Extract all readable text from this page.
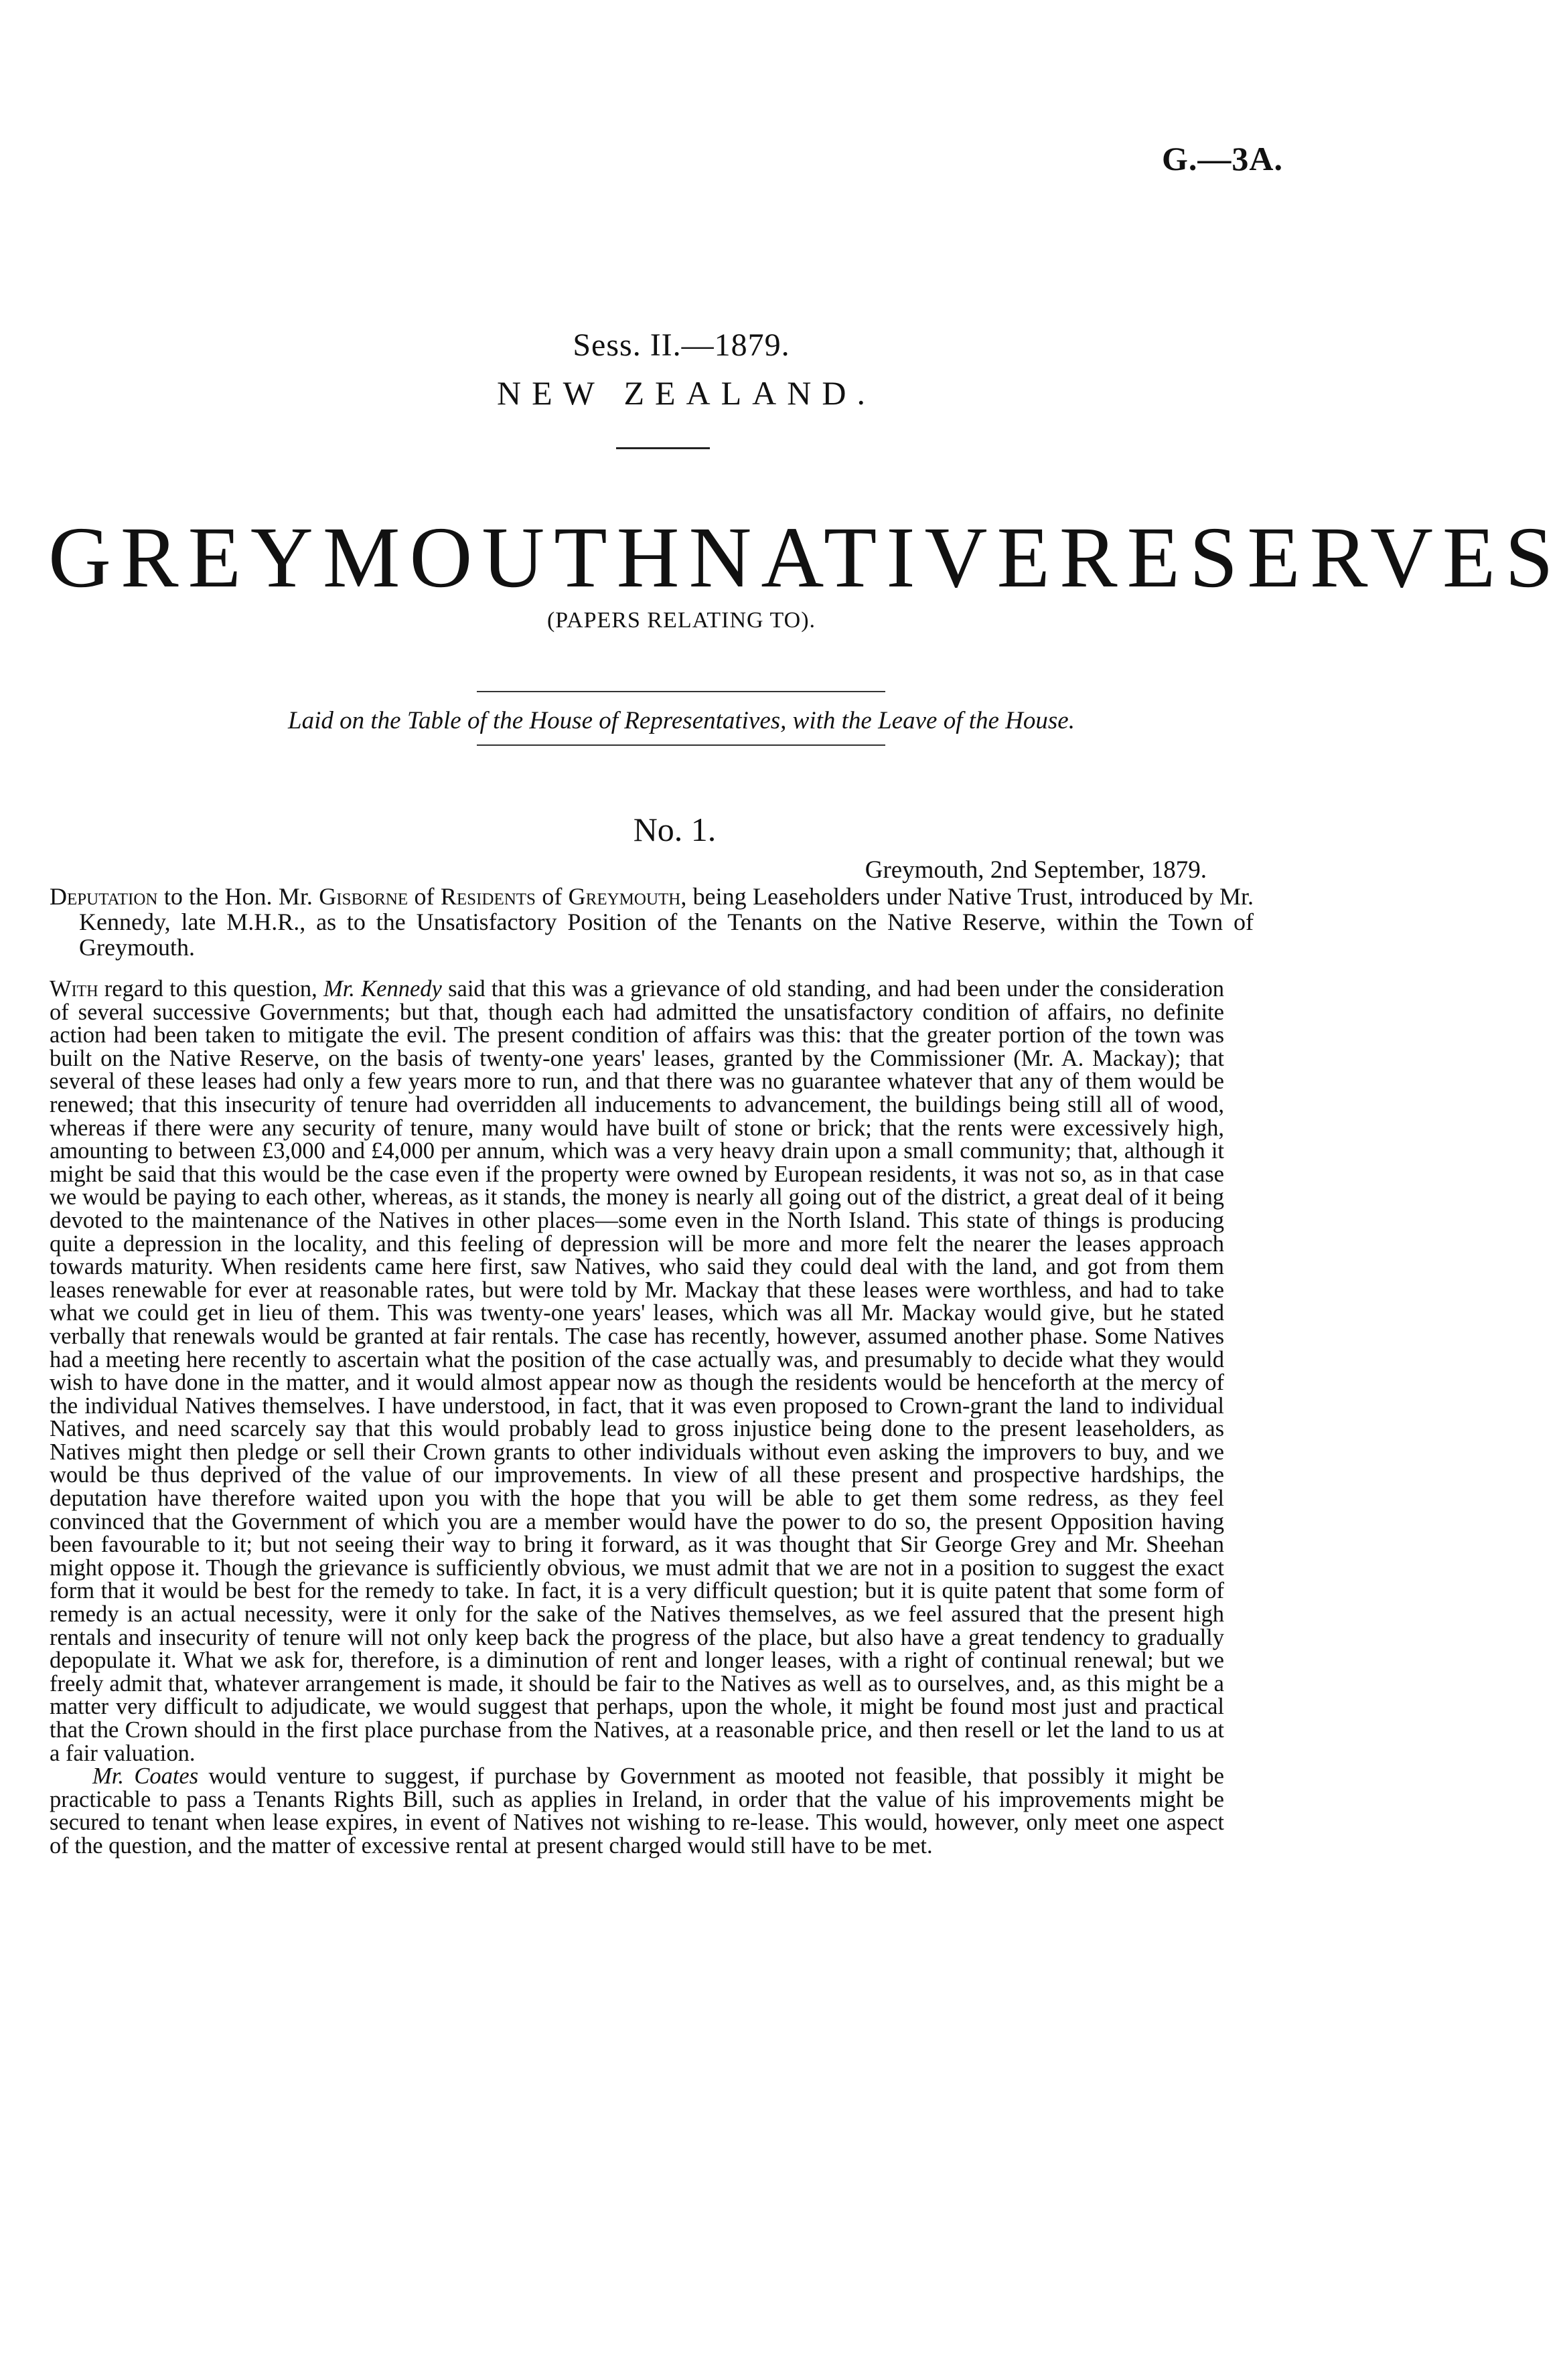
G.—3A.
Sess. II.—1879.
NEW ZEALAND.
GREYMOUTH NATIVE RESERVES
(PAPERS RELATING TO).
Laid on the Table of the House of Representatives, with the Leave of the House.
No. 1.
Greymouth, 2nd September, 1879.
Deputation to the Hon. Mr. Gisborne of Residents of Greymouth, being Leaseholders under Native Trust, introduced by Mr. Kennedy, late M.H.R., as to the Unsatisfactory Position of the Tenants on the Native Reserve, within the Town of Greymouth.

With regard to this question, Mr. Kennedy said that this was a grievance of old standing, and had been under the consideration of several successive Governments; but that, though each had admitted the unsatisfactory condition of affairs, no definite action had been taken to mitigate the evil. The present condition of affairs was this: that the greater portion of the town was built on the Native Reserve, on the basis of twenty-one years' leases, granted by the Commissioner (Mr. A. Mackay); that several of these leases had only a few years more to run, and that there was no guarantee whatever that any of them would be renewed; that this insecurity of tenure had overridden all inducements to advancement, the buildings being still all of wood, whereas if there were any security of tenure, many would have built of stone or brick; that the rents were excessively high, amounting to between £3,000 and £4,000 per annum, which was a very heavy drain upon a small community; that, although it might be said that this would be the case even if the property were owned by European residents, it was not so, as in that case we would be paying to each other, whereas, as it stands, the money is nearly all going out of the district, a great deal of it being devoted to the maintenance of the Natives in other places—some even in the North Island. This state of things is producing quite a depression in the locality, and this feeling of depression will be more and more felt the nearer the leases approach towards maturity. When residents came here first, saw Natives, who said they could deal with the land, and got from them leases renewable for ever at reasonable rates, but were told by Mr. Mackay that these leases were worthless, and had to take what we could get in lieu of them. This was twenty-one years' leases, which was all Mr. Mackay would give, but he stated verbally that renewals would be granted at fair rentals. The case has recently, however, assumed another phase. Some Natives had a meeting here recently to ascertain what the position of the case actually was, and presumably to decide what they would wish to have done in the matter, and it would almost appear now as though the residents would be henceforth at the mercy of the individual Natives themselves. I have understood, in fact, that it was even proposed to Crown-grant the land to individual Natives, and need scarcely say that this would probably lead to gross injustice being done to the present leaseholders, as Natives might then pledge or sell their Crown grants to other individuals without even asking the improvers to buy, and we would be thus deprived of the value of our improvements. In view of all these present and prospective hardships, the deputation have therefore waited upon you with the hope that you will be able to get them some redress, as they feel convinced that the Government of which you are a member would have the power to do so, the present Opposition having been favourable to it; but not seeing their way to bring it forward, as it was thought that Sir George Grey and Mr. Sheehan might oppose it. Though the grievance is sufficiently obvious, we must admit that we are not in a position to suggest the exact form that it would be best for the remedy to take. In fact, it is a very difficult question; but it is quite patent that some form of remedy is an actual necessity, were it only for the sake of the Natives themselves, as we feel assured that the present high rentals and insecurity of tenure will not only keep back the progress of the place, but also have a great tendency to gradually depopulate it. What we ask for, therefore, is a diminution of rent and longer leases, with a right of continual renewal; but we freely admit that, whatever arrangement is made, it should be fair to the Natives as well as to ourselves, and, as this might be a matter very difficult to adjudicate, we would suggest that perhaps, upon the whole, it might be found most just and practical that the Crown should in the first place purchase from the Natives, at a reasonable price, and then resell or let the land to us at a fair valuation.

Mr. Coates would venture to suggest, if purchase by Government as mooted not feasible, that possibly it might be practicable to pass a Tenants Rights Bill, such as applies in Ireland, in order that the value of his improvements might be secured to tenant when lease expires, in event of Natives not wishing to re-lease. This would, however, only meet one aspect of the question, and the matter of excessive rental at present charged would still have to be met.
